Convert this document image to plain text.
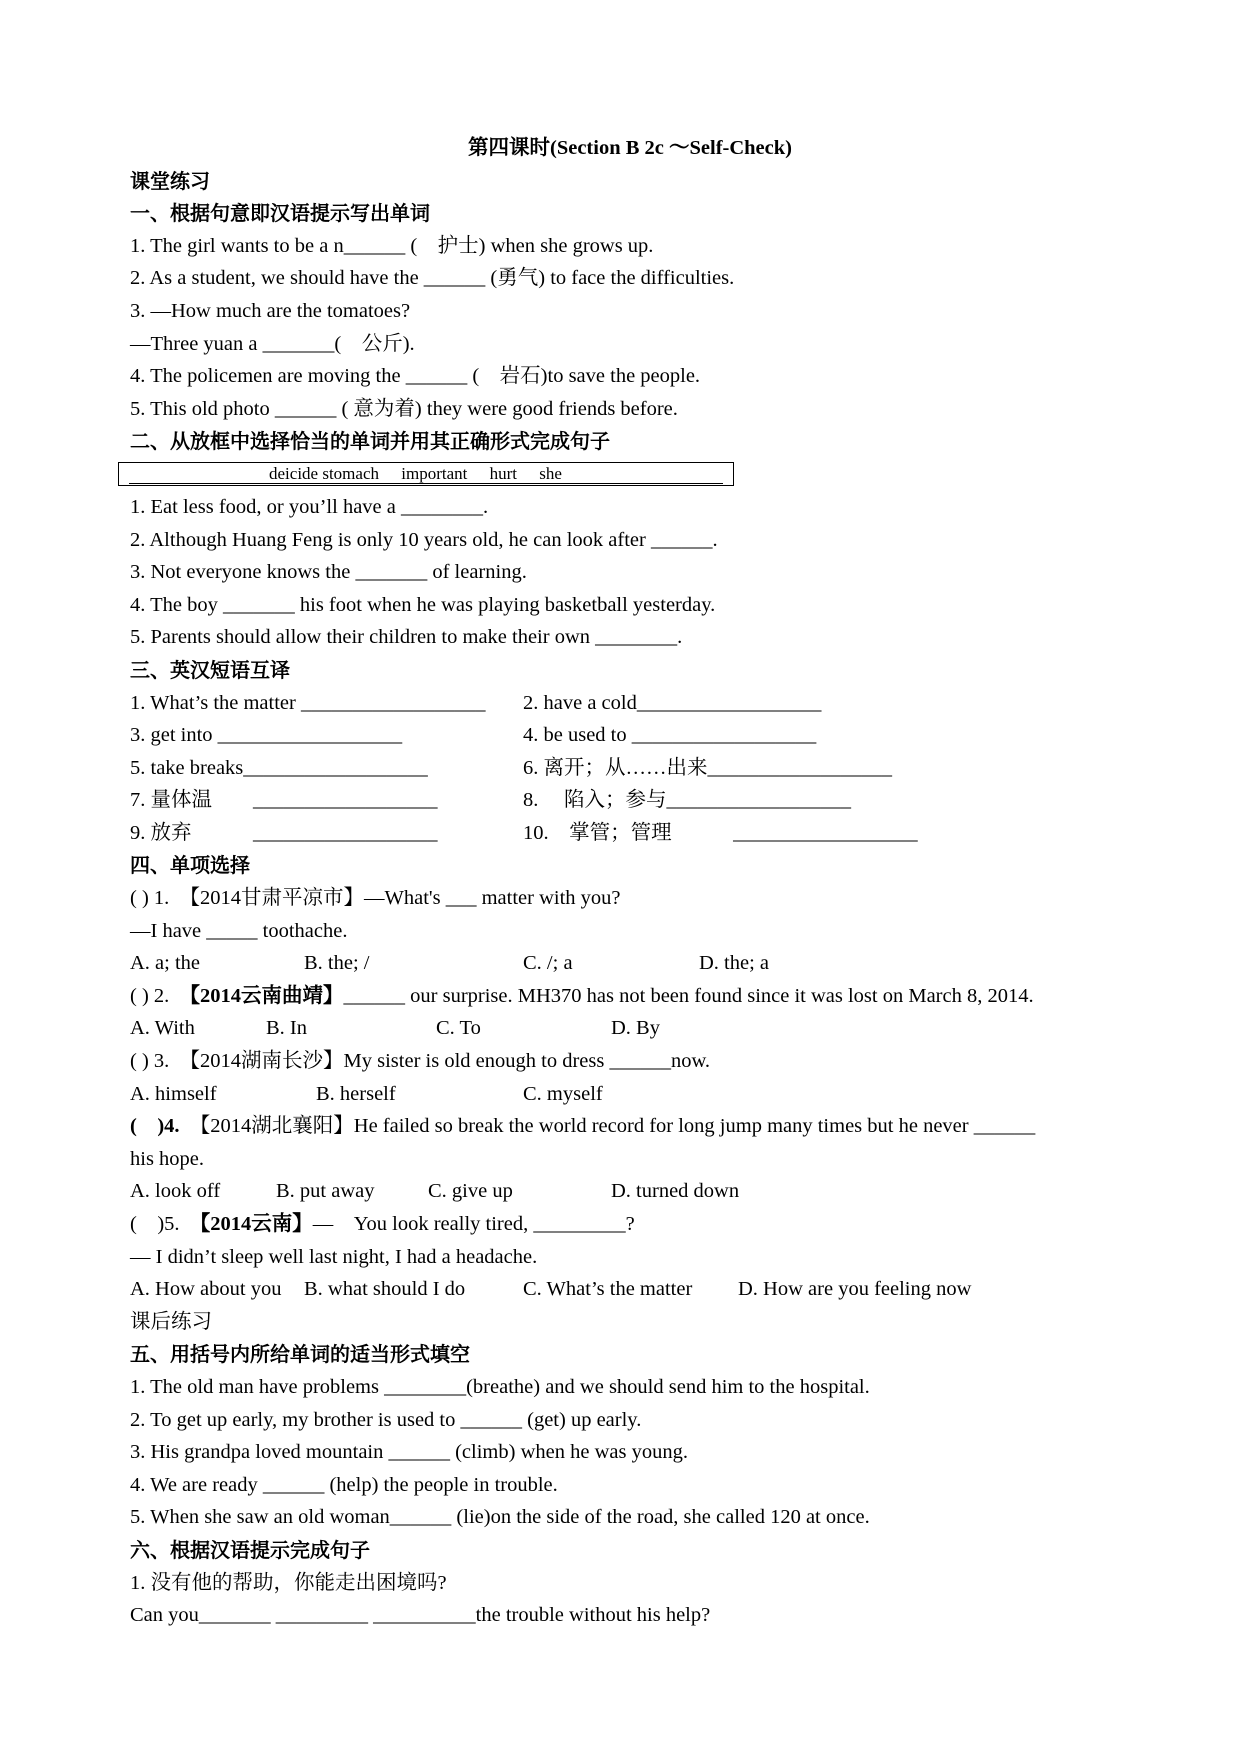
第四课时(Section B 2c ～Self-Check)
课堂练习
一、根据句意即汉语提示写出单词
1. The girl wants to be a n______ (　护士) when she grows up.
2. As a student, we should have the ______ (勇气) to face the difficulties.
3. —How much are the tomatoes?
—Three yuan a _______(　公斤).
4. The policemen are moving the ______ (　岩石)to save the people.
5. This old photo ______ ( 意为着) they were good friends before.
二、从放框中选择恰当的单词并用其正确形式完成句子
deicide stomach important hurt she
1. Eat less food, or you’ll have a ________.
2. Although Huang Feng is only 10 years old, he can look after ______.
3. Not everyone knows the _______ of learning.
4. The boy _______ his foot when he was playing basketball yesterday.
5. Parents should allow their children to make their own ________.
三、英汉短语互译
1. What’s the matter __________________ 2. have a cold__________________
3. get into __________________	4. be used to __________________
5. take breaks__________________	6. 离开；从……出来__________________
7. 量体温　　__________________	8.　 陷入；参与__________________
9. 放弃　　　__________________	10.　掌管；管理　　　__________________
四、单项选择
( ) 1.　【2014甘肃平凉市】—What's ___ matter with you?
—I have _____ toothache.
A. a; the	B. the; /	C. /; a	D. the; a
( ) 2.　【2014云南曲靖】______ our surprise. MH370 has not been found since it was lost on March 8, 2014.
A. With	B. In	C. To	D. By
( ) 3.　【2014湖南长沙】My sister is old enough to dress ______now.
A. himself	B. herself	C. myself
(　)4.　【2014湖北襄阳】He failed so break the world record for long jump many times but he never ______
his hope.
A. look off	B. put away	C. give up	D. turned down
(　)5.　【2014云南】—　You look really tired, _________?
— I didn’t sleep well last night, I had a headache.
A. How about you B. what should I do	C. What’s the matter D. How are you feeling now
课后练习
五、用括号内所给单词的适当形式填空
1. The old man have problems ________(breathe) and we should send him to the hospital.
2. To get up early, my brother is used to ______ (get) up early.
3. His grandpa loved mountain ______ (climb) when he was young.
4. We are ready ______ (help) the people in trouble.
5. When she saw an old woman______ (lie)on the side of the road, she called 120 at once.
六、根据汉语提示完成句子
1. 没有他的帮助，你能走出困境吗?
Can you_______ _________ __________the trouble without his help?
